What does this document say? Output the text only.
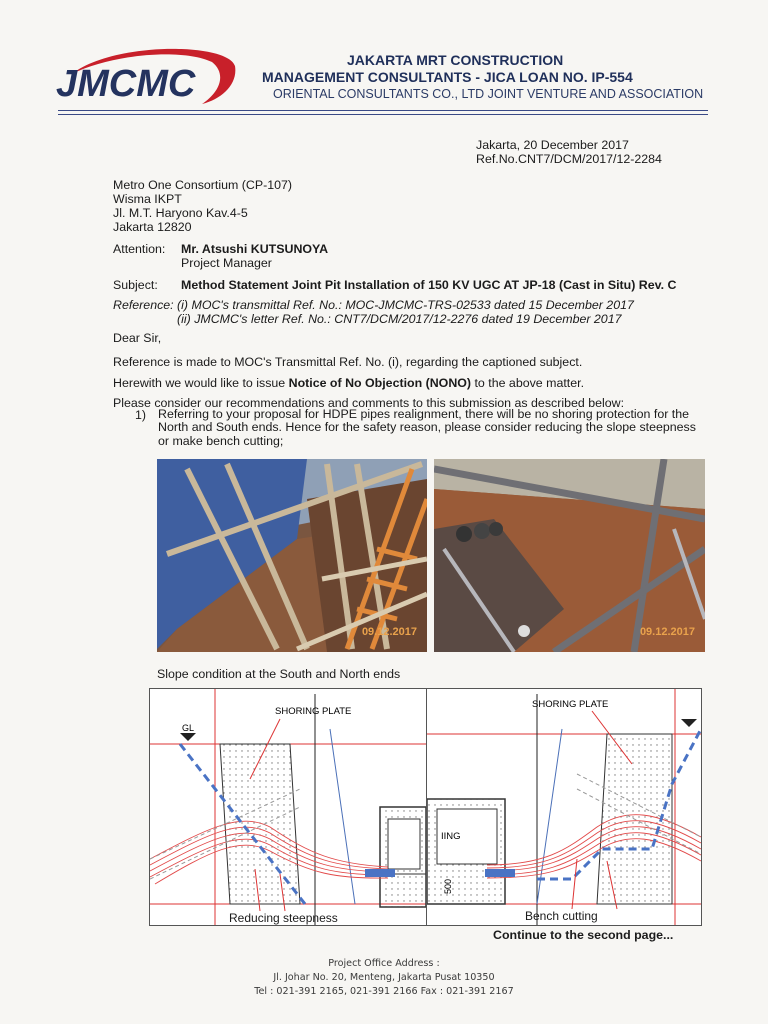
JMCMC
JAKARTA MRT CONSTRUCTION
MANAGEMENT CONSULTANTS - JICA LOAN NO. IP-554
ORIENTAL CONSULTANTS CO., LTD JOINT VENTURE AND ASSOCIATION
Jakarta, 20 December 2017
Ref.No.CNT7/DCM/2017/12-2284
Metro One Consortium (CP-107)
Wisma IKPT
Jl. M.T. Haryono Kav.4-5
Jakarta 12820
Attention: Mr. Atsushi KUTSUNOYA
Project Manager
Subject: Method Statement Joint Pit Installation of 150 KV UGC AT JP-18 (Cast in Situ) Rev. C
Reference: (i) MOC's transmittal Ref. No.: MOC-JMCMC-TRS-02533 dated 15 December 2017
(ii) JMCMC's letter Ref. No.: CNT7/DCM/2017/12-2276 dated 19 December 2017
Dear Sir,
Reference is made to MOC's Transmittal Ref. No. (i), regarding the captioned subject.
Herewith we would like to issue Notice of No Objection (NONO) to the above matter.
Please consider our recommendations and comments to this submission as described below:
1) Referring to your proposal for HDPE pipes realignment, there will be no shoring protection for the North and South ends. Hence for the safety reason, please consider reducing the slope steepness or make bench cutting;
09.12.2017	09.12.2017
Slope condition at the South and North ends
GL
SHORING PLATE
IING
500
SHORING PLATE
Reducing steepness	Bench cutting
Continue to the second page...
Project Office Address :
Jl. Johar No. 20, Menteng, Jakarta Pusat 10350
Tel : 021-391 2165, 021-391 2166 Fax : 021-391 2167
